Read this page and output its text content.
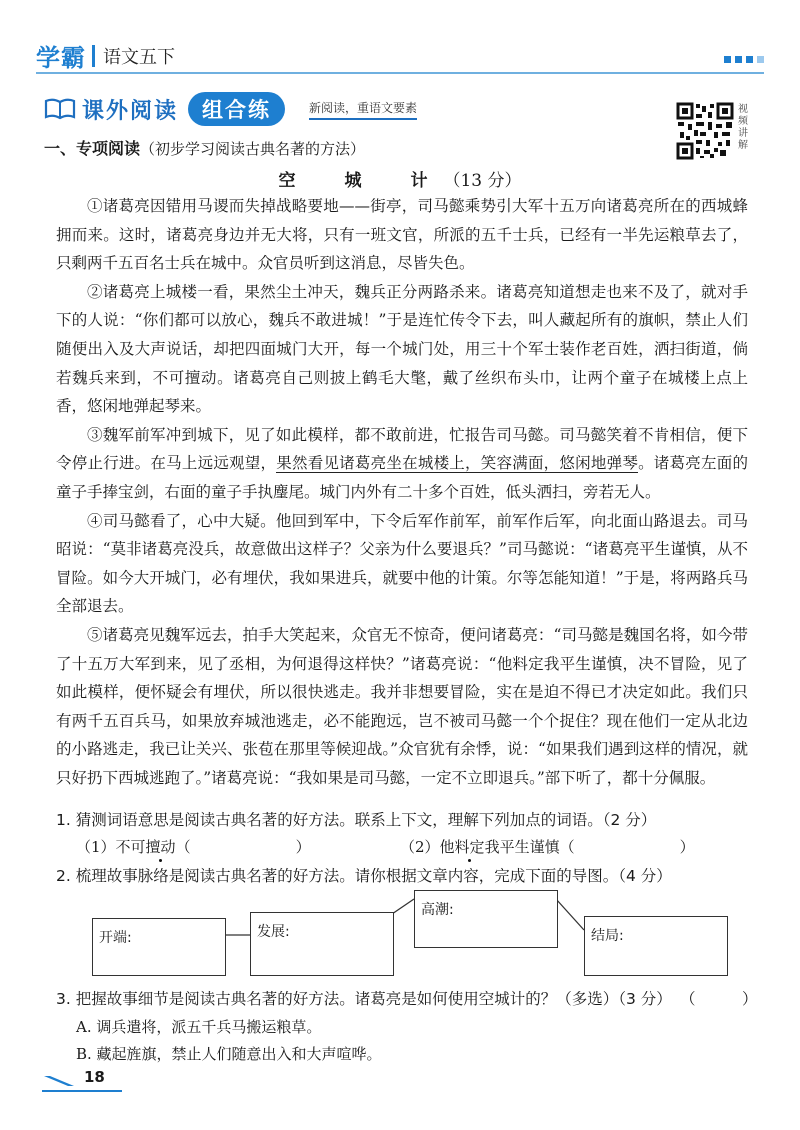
学霸 语文五下
课外阅读	组合练	新阅读，重语文要素	视频讲解
一、专项阅读（初步学习阅读古典名著的方法）
空　城　计（13 分）

①诸葛亮因错用马谡而失掉战略要地——街亭，司马懿乘势引大军十五万向诸葛亮所在的西城蜂拥而来。这时，诸葛亮身边并无大将，只有一班文官，所派的五千士兵，已经有一半先运粮草去了，只剩两千五百名士兵在城中。众官员听到这消息，尽皆失色。

②诸葛亮上城楼一看，果然尘土冲天，魏兵正分两路杀来。诸葛亮知道想走也来不及了，就对手下的人说：“你们都可以放心，魏兵不敢进城！”于是连忙传令下去，叫人藏起所有的旗帜，禁止人们随便出入及大声说话，却把四面城门大开，每一个城门处，用三十个军士装作老百姓，洒扫街道，倘若魏兵来到，不可擅动。诸葛亮自己则披上鹤毛大氅，戴了丝织布头巾，让两个童子在城楼上点上香，悠闲地弹起琴来。

③魏军前军冲到城下，见了如此模样，都不敢前进，忙报告司马懿。司马懿笑着不肯相信，便下令停止行进。在马上远远观望，果然看见诸葛亮坐在城楼上，笑容满面，悠闲地弹琴。诸葛亮左面的童子手捧宝剑，右面的童子手执麈尾。城门内外有二十多个百姓，低头洒扫，旁若无人。

④司马懿看了，心中大疑。他回到军中，下令后军作前军，前军作后军，向北面山路退去。司马昭说：“莫非诸葛亮没兵，故意做出这样子？父亲为什么要退兵？”司马懿说：“诸葛亮平生谨慎，从不冒险。如今大开城门，必有埋伏，我如果进兵，就要中他的计策。尔等怎能知道！”于是，将两路兵马全部退去。

⑤诸葛亮见魏军远去，拍手大笑起来，众官无不惊奇，便问诸葛亮：“司马懿是魏国名将，如今带了十五万大军到来，见了丞相，为何退得这样快？”诸葛亮说：“他料定我平生谨慎，决不冒险，见了如此模样，便怀疑会有埋伏，所以很快逃走。我并非想要冒险，实在是迫不得已才决定如此。我们只有两千五百兵马，如果放弃城池逃走，必不能跑远，岂不被司马懿一个个捉住？现在他们一定从北边的小路逃走，我已让关兴、张苞在那里等候迎战。”众官犹有余悸，说：“如果我们遇到这样的情况，就只好扔下西城逃跑了。”诸葛亮说：“我如果是司马懿，一定不立即退兵。”部下听了，都十分佩服。

1. 猜测词语意思是阅读古典名著的好方法。联系上下文，理解下列加点的词语。（2 分）
（1）不可擅动（　　　　　　　）	（2）他料定我平生谨慎（　　　　　　　）
2. 梳理故事脉络是阅读古典名著的好方法。请你根据文章内容，完成下面的导图。（4 分）
开端:	发展:
高潮:
结局:
3. 把握故事细节是阅读古典名著的好方法。诸葛亮是如何使用空城计的？（多选）（3 分） （　　　）
A. 调兵遣将，派五千兵马搬运粮草。
B. 藏起旌旗，禁止人们随意出入和大声喧哗。
18
